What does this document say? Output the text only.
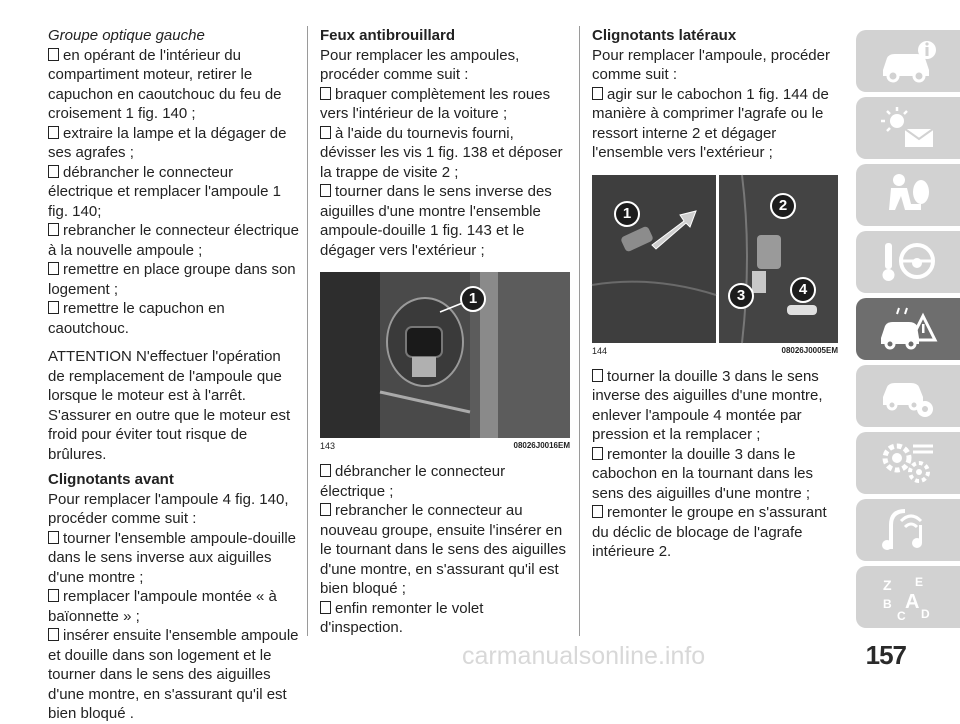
Groupe optique gauche

en opérant de l'intérieur du compartiment moteur, retirer le capuchon en caoutchouc du feu de croisement 1 fig. 140 ;

extraire la lampe et la dégager de ses agrafes ;

débrancher le connecteur électrique et remplacer l'ampoule 1 fig. 140;

rebrancher le connecteur électrique à la nouvelle ampoule ;

remettre en place groupe dans son logement ;

remettre le capuchon en caoutchouc.

ATTENTION N'effectuer l'opération de remplacement de l'ampoule que lorsque le moteur est à l'arrêt. S'assurer en outre que le moteur est froid pour éviter tout risque de brûlures.

Clignotants avant

Pour remplacer l'ampoule 4 fig. 140, procéder comme suit :

tourner l'ensemble ampoule-douille dans le sens inverse aux aiguilles d'une montre ;

remplacer l'ampoule montée « à baïonnette » ;

insérer ensuite l'ensemble ampoule et douille dans son logement et le tourner dans le sens des aiguilles d'une montre, en s'assurant qu'il est bien bloqué .

Feux antibrouillard

Pour remplacer les ampoules, procéder comme suit :

braquer complètement les roues vers l'intérieur de la voiture ;

à l'aide du tournevis fourni, dévisser les vis 1 fig. 138 et déposer la trappe de visite 2 ;

tourner dans le sens inverse des aiguilles d'une montre l'ensemble ampoule-douille 1 fig. 143 et le dégager vers l'extérieur ;

1
143	08026J0016EM

débrancher le connecteur électrique ;

rebrancher le connecteur au nouveau groupe, ensuite l'insérer en le tournant dans le sens des aiguilles d'une montre, en s'assurant qu'il est bien bloqué ;

enfin remonter le volet d'inspection.

Clignotants latéraux

Pour remplacer l'ampoule, procéder comme suit :

agir sur le cabochon 1 fig. 144 de manière à comprimer l'agrafe ou le ressort interne 2 et dégager l'ensemble vers l'extérieur ;

1	2
3	4
144	08026J0005EM

tourner la douille 3 dans le sens inverse des aiguilles d'une montre, enlever l'ampoule 4 montée par pression et la remplacer ;

remonter la douille 3 dans le cabochon en la tournant dans les sens des aiguilles d'une montre ;

remonter le groupe en s'assurant du déclic de blocage de l'agrafe intérieure 2.

Z E
B A
C D
carmanualsonline.info	157
